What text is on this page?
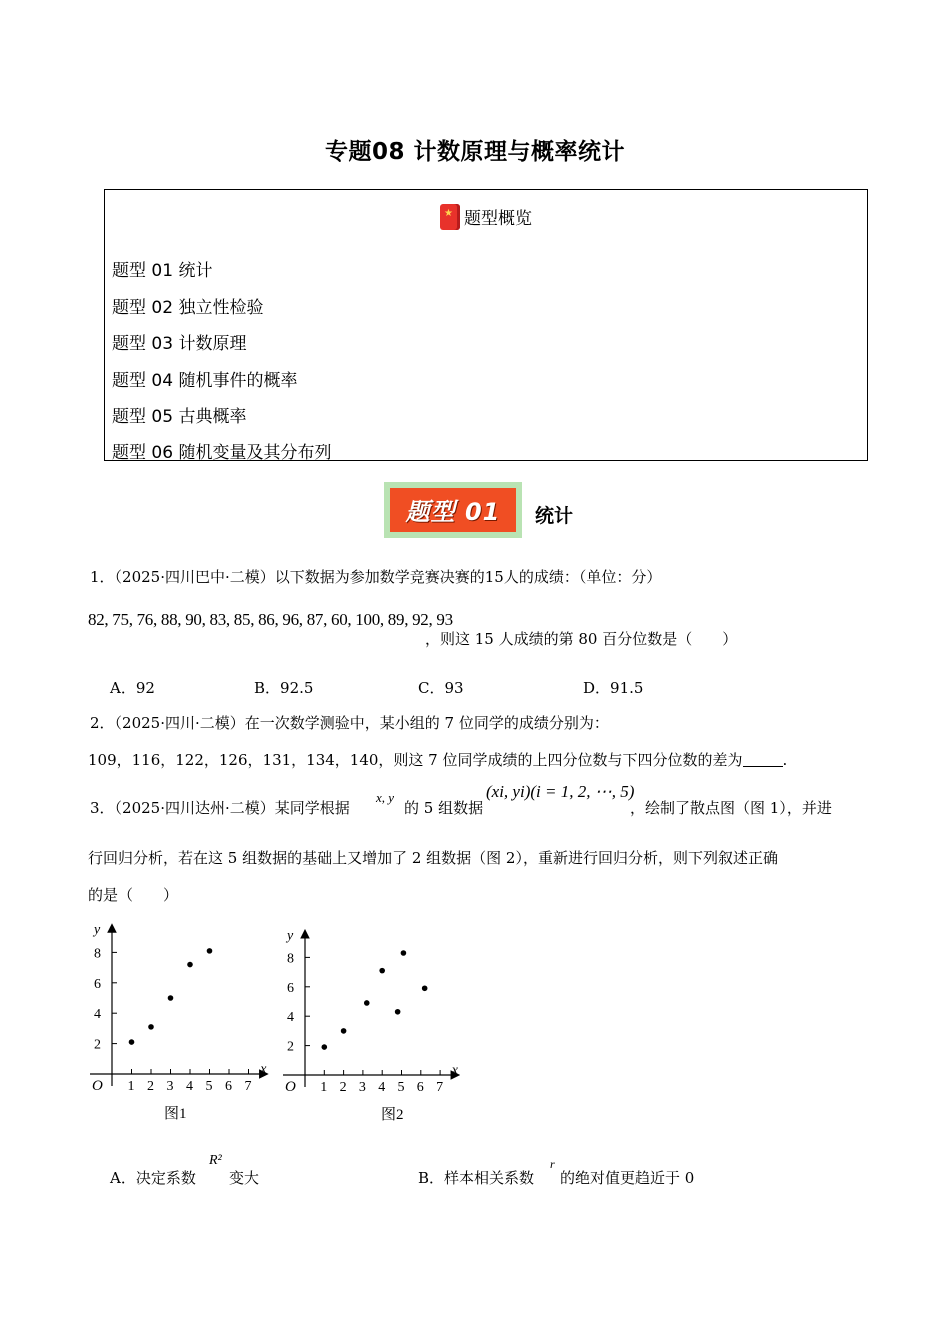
专题08 计数原理与概率统计
★题型概览
题型 01 统计
题型 02 独立性检验
题型 03 计数原理
题型 04 随机事件的概率
题型 05 古典概率
题型 06 随机变量及其分布列
题型 01	统计
1．（2025·四川巴中·二模）以下数据为参加数学竞赛决赛的15人的成绩：（单位：分）
82, 75, 76, 88, 90, 83, 85, 86, 96, 87, 60, 100, 89, 92, 93
，则这 15 人成绩的第 80 百分位数是（　　）
A．92	B．92.5	C．93	D．91.5
2．（2025·四川·二模）在一次数学测验中，某小组的 7 位同学的成绩分别为：
109，116，122，126，131，134，140，则这 7 位同学成绩的上四分位数与下四分位数的差为	.
3．（2025·四川达州·二模）某同学根据
x, y
的 5 组数据
(xi, yi)(i = 1, 2, ⋯, 5)
，绘制了散点图（图 1），并进
行回归分析，若在这 5 组数据的基础上又增加了 2 组数据（图 2），重新进行回归分析，则下列叙述正确
的是（　　）
x
y
O 1 2 3 4 5 6 7
2
4
6
8
图1
x
y
O 1 2 3 4 5 6 7
2
4
6
8
图2
A．决定系数
R²
变大	B．样本相关系数
r
的绝对值更趋近于 0
